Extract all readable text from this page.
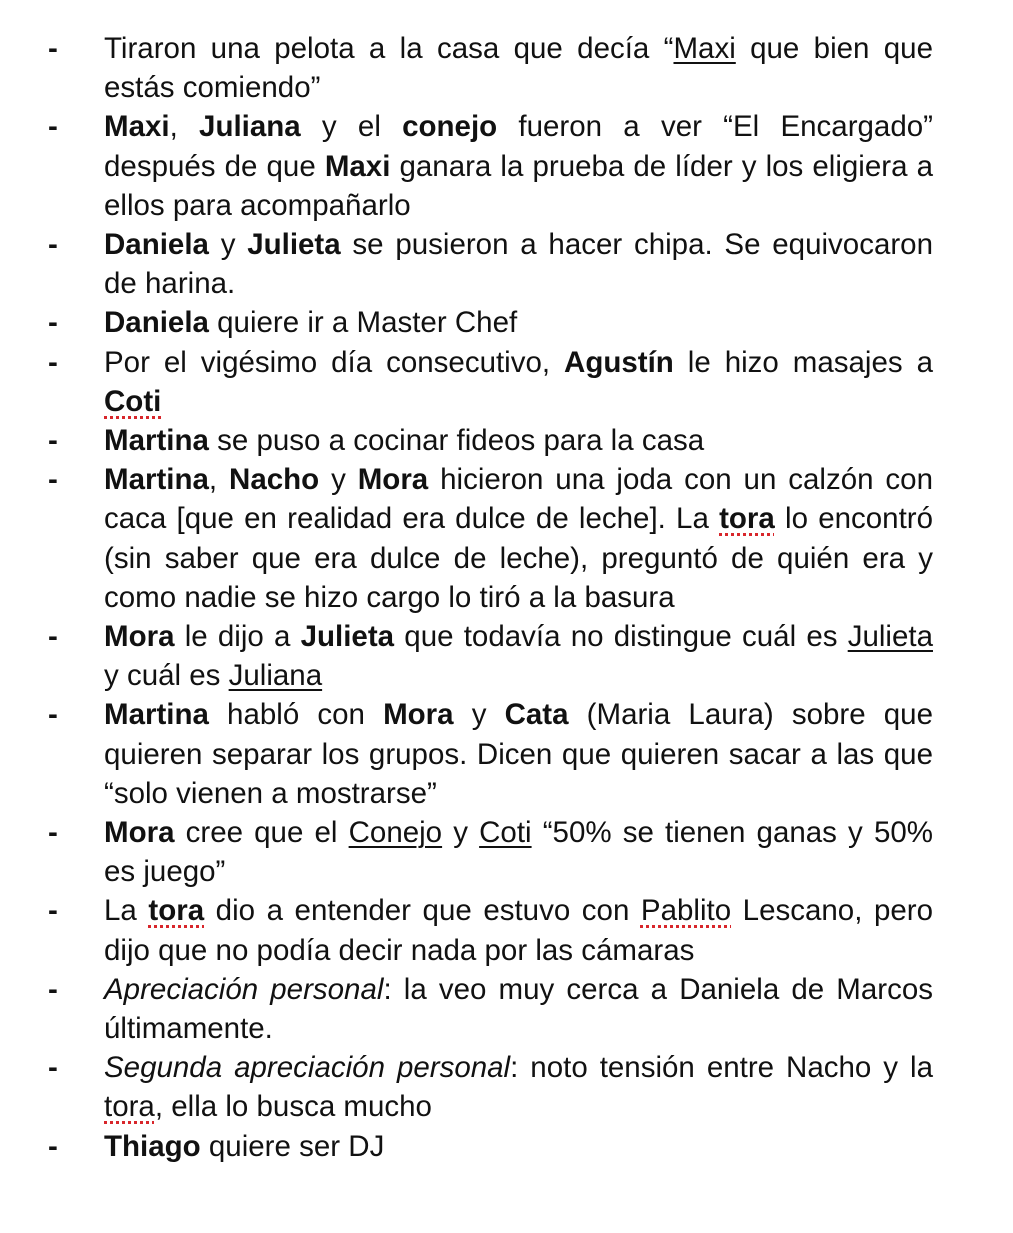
-	Tiraron una pelota a la casa que decía “Maxi que bien que estás comiendo”
-	Maxi, Juliana y el conejo fueron a ver “El Encargado” después de que Maxi ganara la prueba de líder y los eligiera a ellos para acompañarlo
-	Daniela y Julieta se pusieron a hacer chipa. Se equivocaron de harina.
-	Daniela quiere ir a Master Chef
-	Por el vigésimo día consecutivo, Agustín le hizo masajes a Coti
-	Martina se puso a cocinar fideos para la casa
-	Martina, Nacho y Mora hicieron una joda con un calzón con caca [que en realidad era dulce de leche]. La tora lo encontró (sin saber que era dulce de leche), preguntó de quién era y como nadie se hizo cargo lo tiró a la basura
-	Mora le dijo a Julieta que todavía no distingue cuál es Julieta y cuál es Juliana
-	Martina habló con Mora y Cata (Maria Laura) sobre que quieren separar los grupos. Dicen que quieren sacar a las que “solo vienen a mostrarse”
-	Mora cree que el Conejo y Coti “50% se tienen ganas y 50% es juego”
-	La tora dio a entender que estuvo con Pablito Lescano, pero dijo que no podía decir nada por las cámaras
-	Apreciación personal: la veo muy cerca a Daniela de Marcos últimamente.
-	Segunda apreciación personal: noto tensión entre Nacho y la tora, ella lo busca mucho
-	Thiago quiere ser DJ
